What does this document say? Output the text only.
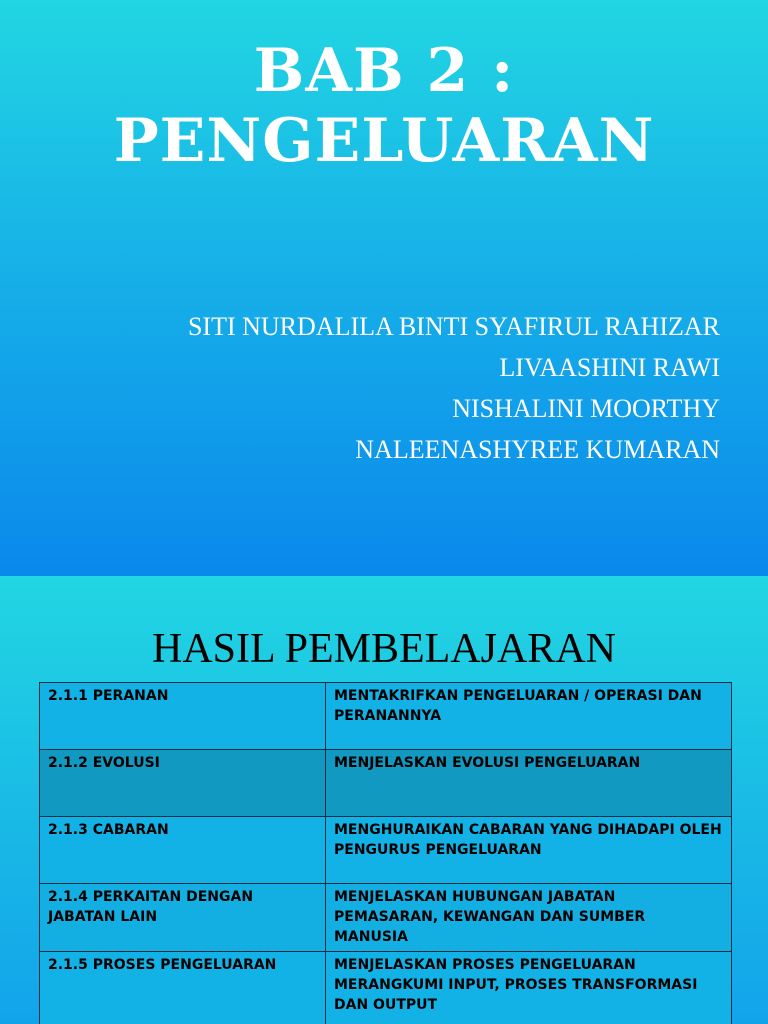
BAB 2 :
PENGELUARAN
SITI NURDALILA BINTI SYAFIRUL RAHIZAR
LIVAASHINI RAWI
NISHALINI MOORTHY
NALEENASHYREE KUMARAN
HASIL PEMBELAJARAN
2.1.1 PERANAN	MENTAKRIFKAN PENGELUARAN / OPERASI DAN PERANANNYA
2.1.2 EVOLUSI	MENJELASKAN EVOLUSI PENGELUARAN
2.1.3 CABARAN	MENGHURAIKAN CABARAN YANG DIHADAPI OLEH PENGURUS PENGELUARAN
2.1.4 PERKAITAN DENGAN JABATAN LAIN	MENJELASKAN HUBUNGAN JABATAN PEMASARAN, KEWANGAN DAN SUMBER MANUSIA
2.1.5 PROSES PENGELUARAN	MENJELASKAN PROSES PENGELUARAN MERANGKUMI INPUT, PROSES TRANSFORMASI DAN OUTPUT
